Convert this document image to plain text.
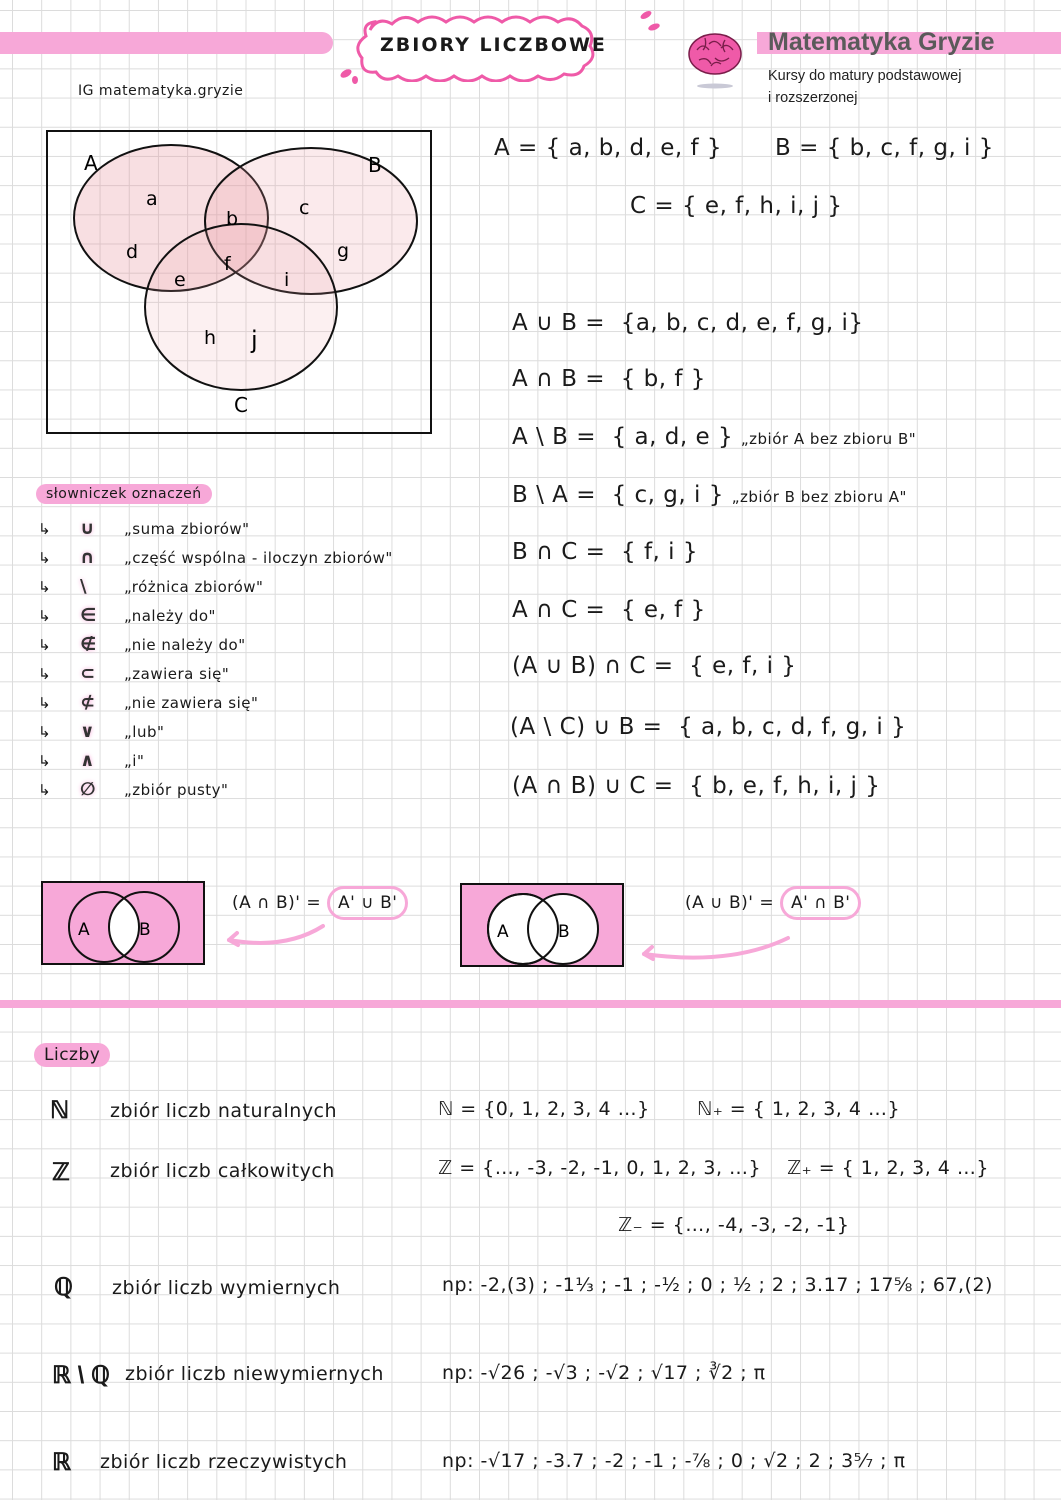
ZBIORY LICZBOWE
IG matematyka.gryzie
Matematyka Gryzie
Kursy do matury podstawowej
i rozszerzonej
A	B
C
a
d
b	c
g
e
f
i
h j
A = { a, b, d, e, f } B = { b, c, f, g, i }
C = { e, f, h, i, j }
A ∪ B = {a, b, c, d, e, f, g, i}
A ∩ B = { b, f }
A \ B = { a, d, e } „zbiór A bez zbioru B"
B \ A = { c, g, i } „zbiór B bez zbioru A"
B ∩ C = { f, i }
A ∩ C = { e, f }
(A ∪ B) ∩ C = { e, f, i }
(A \ C) ∪ B = { a, b, c, d, f, g, i }
(A ∩ B) ∪ C = { b, e, f, h, i, j }
słowniczek oznaczeń
↳ ∪ „suma zbiorów"
↳ ∩ „część wspólna - iloczyn zbiorów"
↳ \ „różnica zbiorów"
↳ ∈ „należy do"
↳ ∉ „nie należy do"
↳ ⊂ „zawiera się"
↳ ⊄ „nie zawiera się"
↳ ∨ „lub"
↳ ∧ „i"
↳ ∅ „zbiór pusty"
A	B
(A ∩ B)' = A' ∪ B'
A	B
(A ∪ B)' = A' ∩ B'
Liczby
ℕ zbiór liczb naturalnych	ℕ = {0, 1, 2, 3, 4 …} ℕ₊ = { 1, 2, 3, 4 …}
ℤ zbiór liczb całkowitych	ℤ = {…, -3, -2, -1, 0, 1, 2, 3, …} ℤ₊ = { 1, 2, 3, 4 …}
ℤ₋ = {…, -4, -3, -2, -1}
ℚ zbiór liczb wymiernych	np: -2,(3) ; -1⅓ ; -1 ; -½ ; 0 ; ½ ; 2 ; 3.17 ; 17⅝ ; 67,(2)
ℝ \ ℚ zbiór liczb niewymiernych	np: -√26 ; -√3 ; -√2 ; √17 ; ∛2 ; π
ℝ zbiór liczb rzeczywistych	np: -√17 ; -3.7 ; -2 ; -1 ; -⅞ ; 0 ; √2 ; 2 ; 3⁵⁄₇ ; π
